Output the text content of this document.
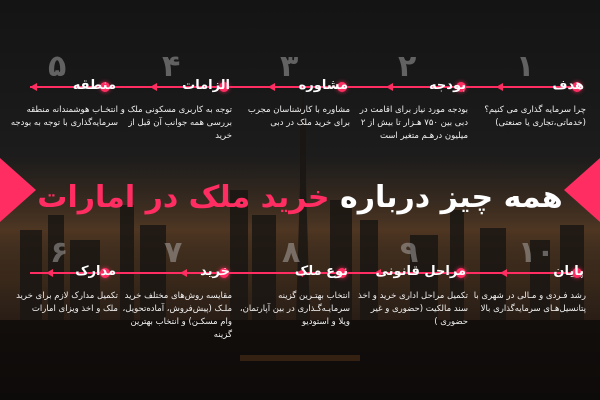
۱
هدف
چرا سرمایه گذاری می کنیم؟ (خدماتی،تجاری یا صنعتی)
۲
بودجه
بودجه مورد نیاز برای اقامت در دبی بین ۷۵۰ هـزار تا بیش از ۲ میلیون درهـم متغیر است
۳
مشاوره
مشاوره با کارشناسان مجرب برای خرید ملک در دبی
۴
الزامات
توجه به کاربری مسکونی ملک و بررسی همه جوانب آن قبل از خرید
۵
منطقه
انتخـاب هوشمندانه منطقه سرمایه‌گذاری با توجه به بودجه
همه چیز درباره خرید ملک در امارات
۱۰
پایان
رشد فـردی و مـالی در شهری با پتانسیل‌هـای سرمایه‌گذاری بالا
۹
مراحل قانونی
تکمیل مراحل اداری خرید و اخذ سند مالکیت (حضوری و غیر حضوری )
۸
نوع ملک
انتخاب بهتـرین گزینه سرمایـه‌گـذاری در بین آپارتمان، ویلا و استودیو
۷
خرید
مقایسه روش‌های مختلف خرید ملـک (پیش‌فروش، آماده‌تحویل، وام مسکـن) و انتخاب بهترین گزینه
۶
مدارک
تکمیل مدارک لازم برای خرید ملک و اخذ ویزای امارات
